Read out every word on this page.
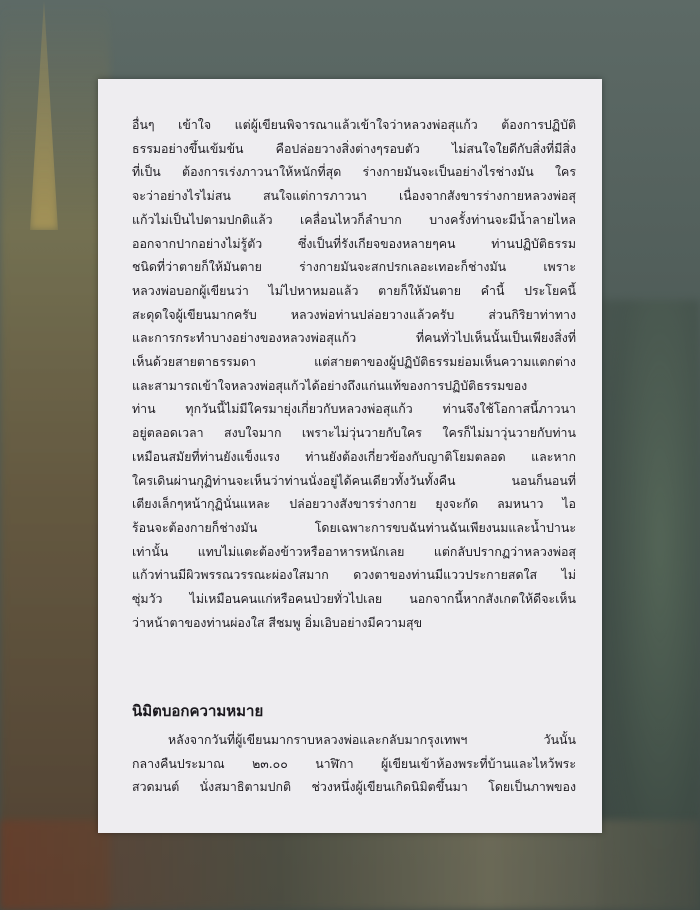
อื่นๆ เข้าใจ แต่ผู้เขียนพิจารณาแล้วเข้าใจว่าหลวงพ่อสุแก้ว ต้องการปฏิบัติ
ธรรมอย่างขึ้นเข้มข้น คือปล่อยวางสิ่งต่างๆรอบตัว ไม่สนใจใยดีกับสิ่งที่มีสิ่ง
ที่เป็น ต้องการเร่งภาวนาให้หนักที่สุด ร่างกายมันจะเป็นอย่างไรช่างมัน ใคร
จะว่าอย่างไรไม่สน สนใจแต่การภาวนา เนื่องจากสังขารร่างกายหลวงพ่อสุ
แก้วไม่เป็นไปตามปกติแล้ว เคลื่อนไหวก็ลำบาก บางครั้งท่านจะมีน้ำลายไหล
ออกจากปากอย่างไม่รู้ตัว ซึ่งเป็นที่รังเกียจของหลายๆคน ท่านปฏิบัติธรรม
ชนิดที่ว่าตายก็ให้มันตาย ร่างกายมันจะสกปรกเลอะเทอะก็ช่างมัน เพราะ
หลวงพ่อบอกผู้เขียนว่า ไม่ไปหาหมอแล้ว ตายก็ให้มันตาย คำนี้ ประโยคนี้
สะดุดใจผู้เขียนมากครับ หลวงพ่อท่านปล่อยวางแล้วครับ ส่วนกิริยาท่าทาง
และการกระทำบางอย่างของหลวงพ่อสุแก้ว ที่คนทั่วไปเห็นนั้นเป็นเพียงสิ่งที่
เห็นด้วยสายตาธรรมดา แต่สายตาของผู้ปฏิบัติธรรมย่อมเห็นความแตกต่าง
และสามารถเข้าใจหลวงพ่อสุแก้วได้อย่างถึงแก่นแท้ของการปฏิบัติธรรมของ
ท่าน ทุกวันนี้ไม่มีใครมายุ่งเกี่ยวกับหลวงพ่อสุแก้ว ท่านจึงใช้โอกาสนี้ภาวนา
อยู่ตลอดเวลา สงบใจมาก เพราะไม่วุ่นวายกับใคร ใครก็ไม่มาวุ่นวายกับท่าน
เหมือนสมัยที่ท่านยังแข็งแรง ท่านยังต้องเกี่ยวข้องกับญาติโยมตลอด และหาก
ใครเดินผ่านกุฏิท่านจะเห็นว่าท่านนั่งอยู่ได้คนเดียวทั้งวันทั้งคืน นอนก็นอนที่
เตียงเล็กๆหน้ากุฏินั่นแหละ ปล่อยวางสังขารร่างกาย ยุงจะกัด ลมหนาว ไอ
ร้อนจะต้องกายก็ช่างมัน โดยเฉพาะการขบฉันท่านฉันเพียงนมและน้ำปานะ
เท่านั้น แทบไม่แตะต้องข้าวหรืออาหารหนักเลย แต่กลับปรากฏว่าหลวงพ่อสุ
แก้วท่านมีผิวพรรณวรรณะผ่องใสมาก ดวงตาของท่านมีแววประกายสดใส ไม่
ซุ่มวัว ไม่เหมือนคนแก่หรือคนป่วยทั่วไปเลย นอกจากนี้หากสังเกตให้ดีจะเห็น
ว่าหน้าตาของท่านผ่องใส สีชมพู อิ่มเอิบอย่างมีความสุข
นิมิตบอกความหมาย
หลังจากวันที่ผู้เขียนมากราบหลวงพ่อและกลับมากรุงเทพฯ วันนั้น
กลางคืนประมาณ ๒๓.๐๐ นาฬิกา ผู้เขียนเข้าห้องพระที่บ้านและไหว้พระ
สวดมนต์ นั่งสมาธิตามปกติ ช่วงหนึ่งผู้เขียนเกิดนิมิตขึ้นมา โดยเป็นภาพของ
